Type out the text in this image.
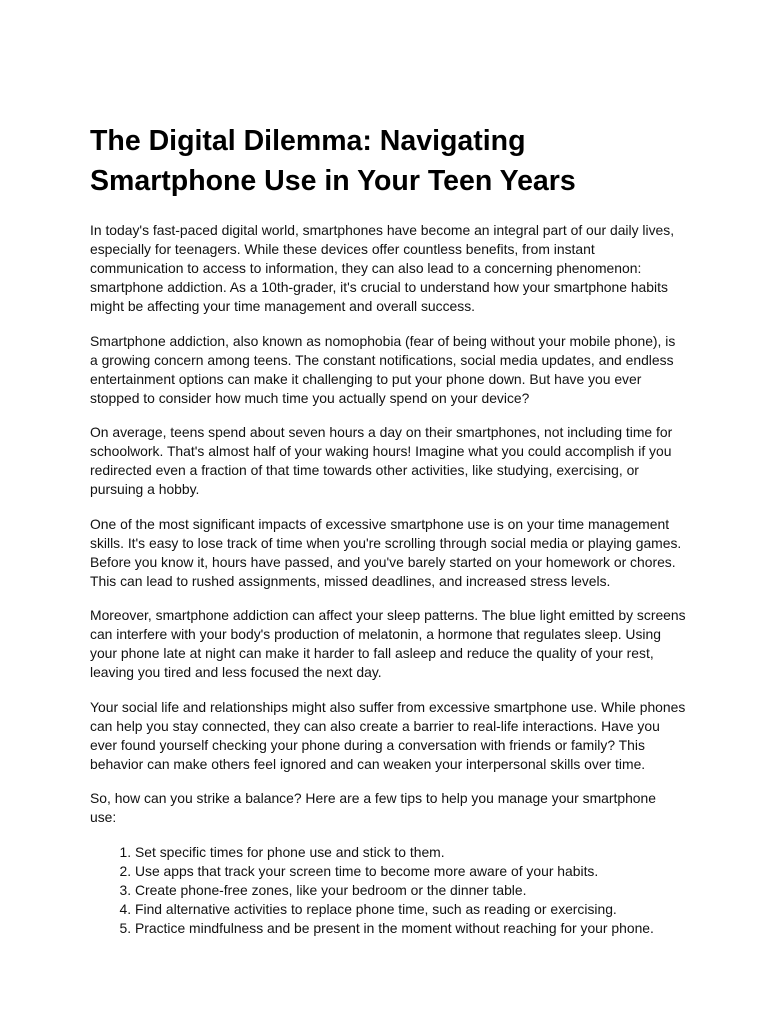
The Digital Dilemma: Navigating Smartphone Use in Your Teen Years

In today's fast-paced digital world, smartphones have become an integral part of our daily lives, especially for teenagers. While these devices offer countless benefits, from instant communication to access to information, they can also lead to a concerning phenomenon: smartphone addiction. As a 10th-grader, it's crucial to understand how your smartphone habits might be affecting your time management and overall success.

Smartphone addiction, also known as nomophobia (fear of being without your mobile phone), is a growing concern among teens. The constant notifications, social media updates, and endless entertainment options can make it challenging to put your phone down. But have you ever stopped to consider how much time you actually spend on your device?

On average, teens spend about seven hours a day on their smartphones, not including time for schoolwork. That's almost half of your waking hours! Imagine what you could accomplish if you redirected even a fraction of that time towards other activities, like studying, exercising, or pursuing a hobby.

One of the most significant impacts of excessive smartphone use is on your time management skills. It's easy to lose track of time when you're scrolling through social media or playing games. Before you know it, hours have passed, and you've barely started on your homework or chores. This can lead to rushed assignments, missed deadlines, and increased stress levels.

Moreover, smartphone addiction can affect your sleep patterns. The blue light emitted by screens can interfere with your body's production of melatonin, a hormone that regulates sleep. Using your phone late at night can make it harder to fall asleep and reduce the quality of your rest, leaving you tired and less focused the next day.

Your social life and relationships might also suffer from excessive smartphone use. While phones can help you stay connected, they can also create a barrier to real-life interactions. Have you ever found yourself checking your phone during a conversation with friends or family? This behavior can make others feel ignored and can weaken your interpersonal skills over time.

So, how can you strike a balance? Here are a few tips to help you manage your smartphone use:

1. Set specific times for phone use and stick to them.
2. Use apps that track your screen time to become more aware of your habits.
3. Create phone-free zones, like your bedroom or the dinner table.
4. Find alternative activities to replace phone time, such as reading or exercising.
5. Practice mindfulness and be present in the moment without reaching for your phone.
